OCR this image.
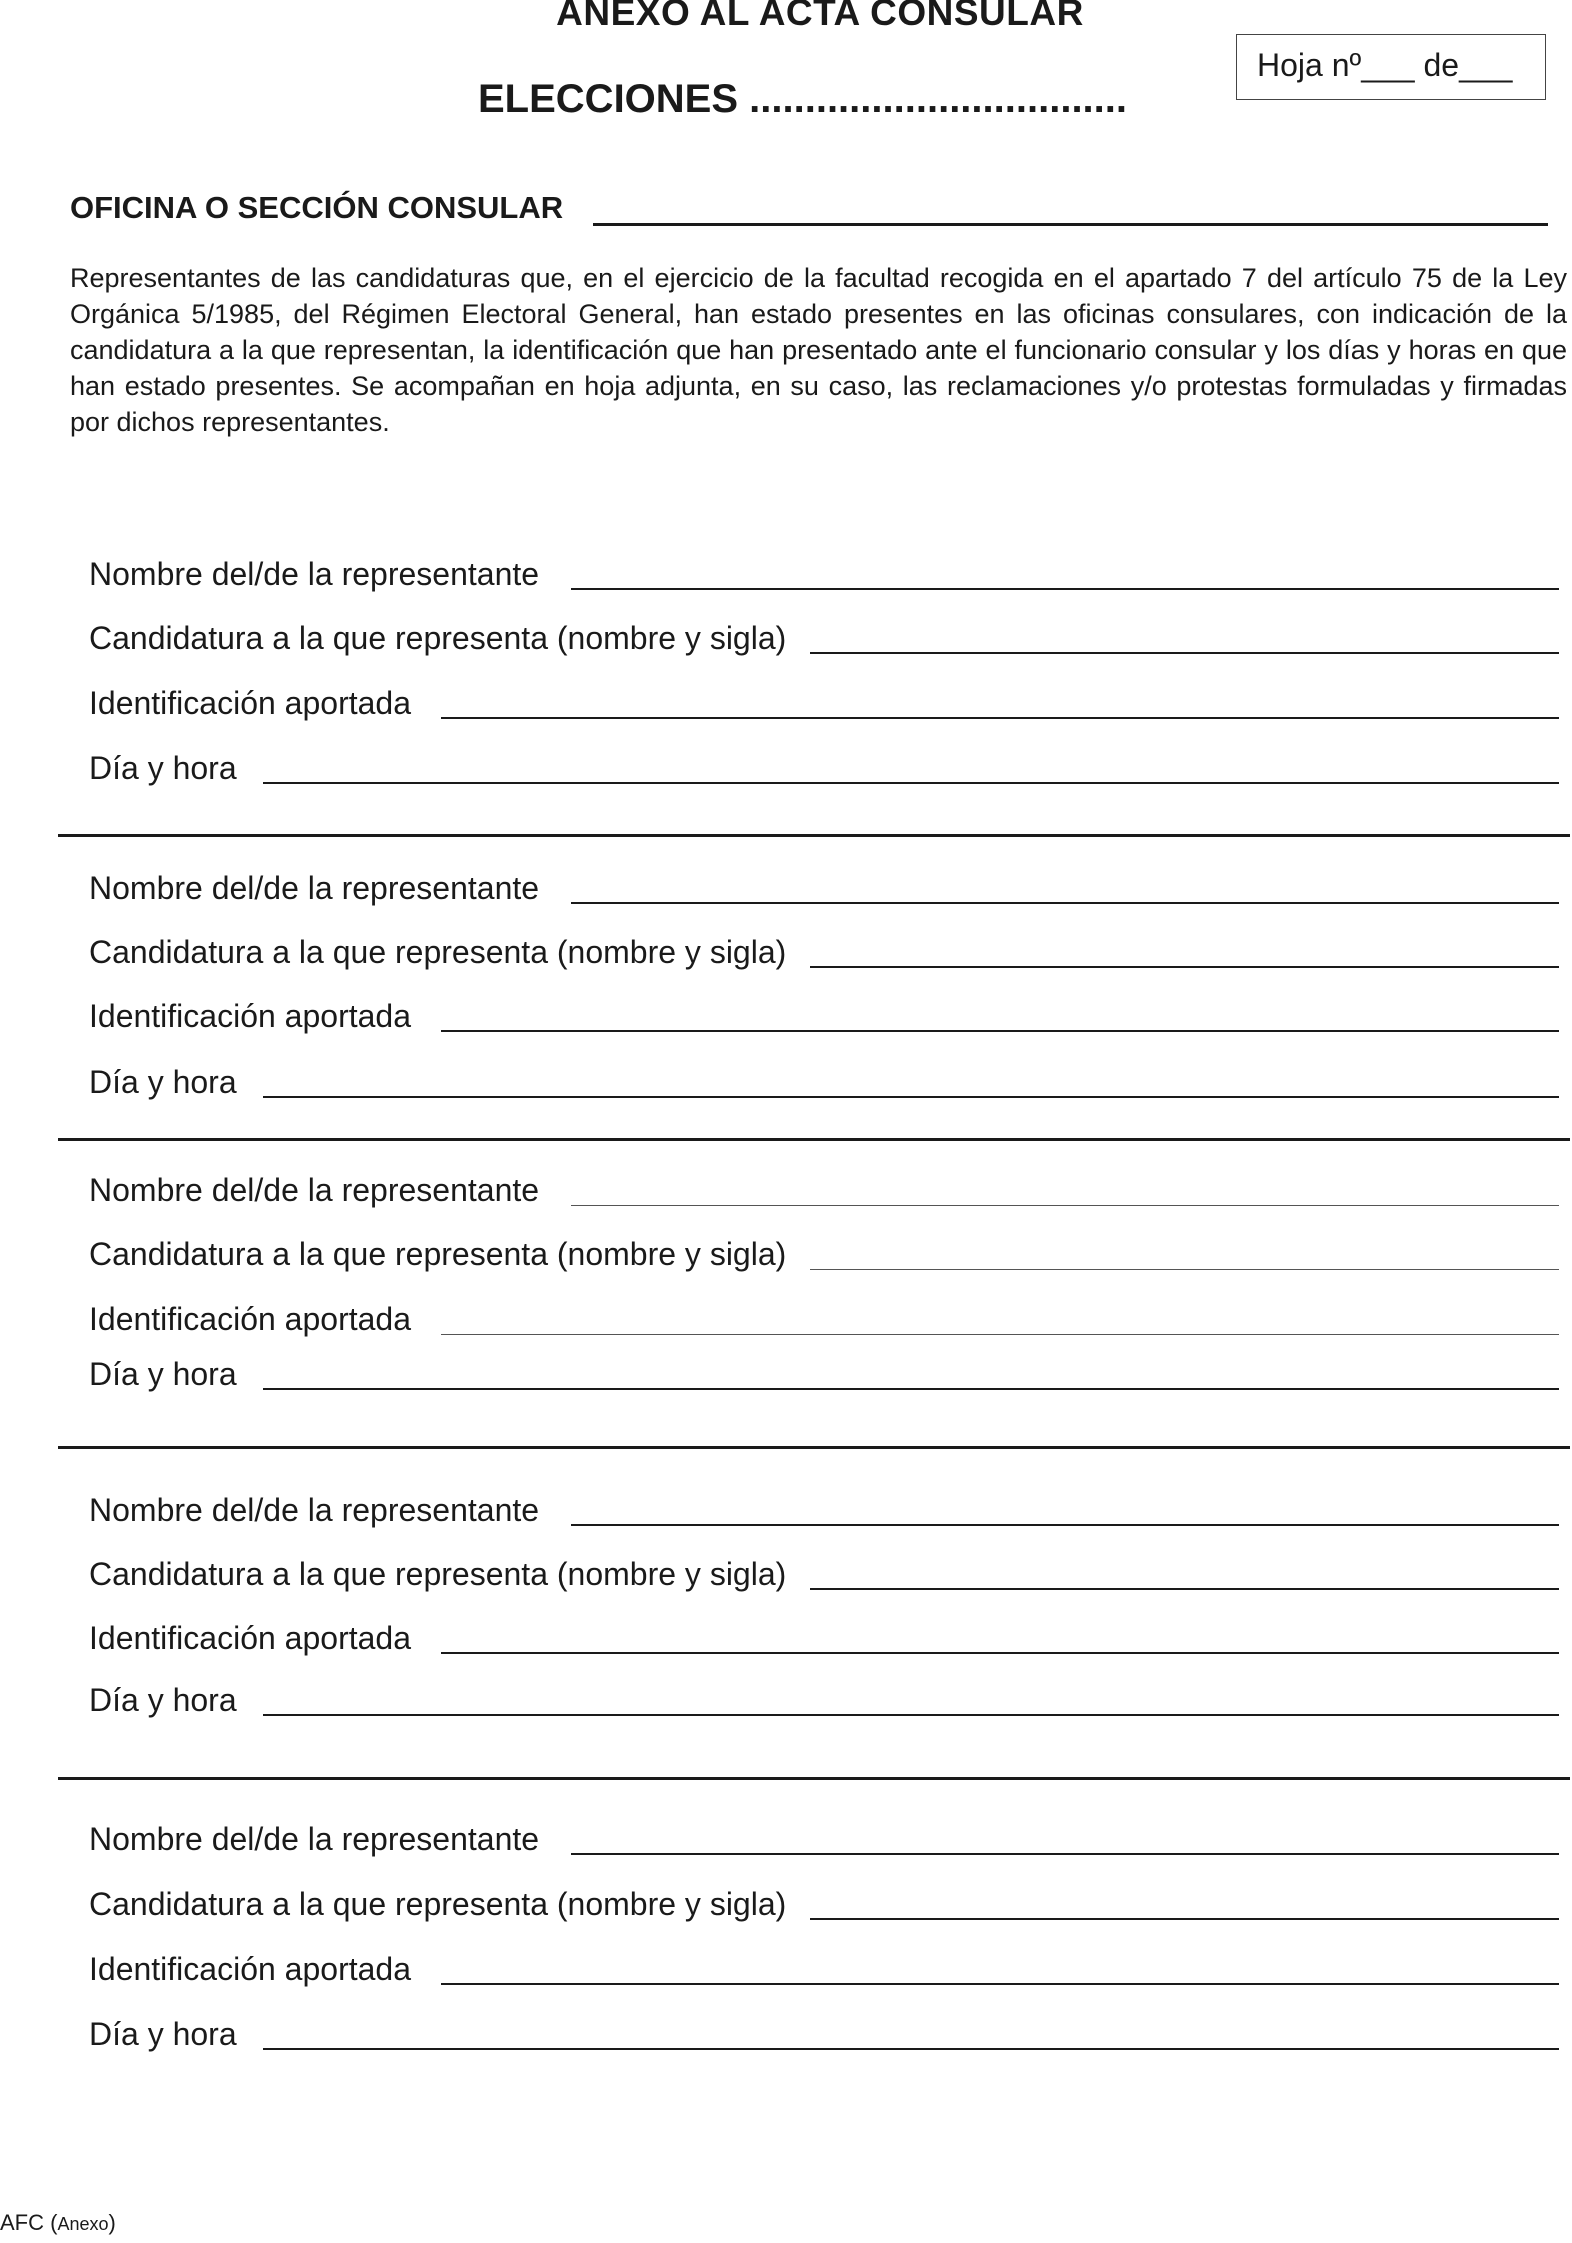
ANEXO AL ACTA CONSULAR
ELECCIONES ..................................
Hoja nº___ de___
OFICINA O SECCIÓN CONSULAR

Representantes de las candidaturas que, en el ejercicio de la facultad recogida en el apartado 7 del artículo 75 de la Ley Orgánica 5/1985, del Régimen Electoral General, han estado presentes en las oficinas consulares, con indicación de la candidatura a la que representan, la identificación que han presentado ante el funcionario consular y los días y horas en que han estado presentes. Se acompañan en hoja adjunta, en su caso, las reclamaciones y/o protestas formuladas y firmadas por dichos representantes.

Nombre del/de la representante
Candidatura a la que representa (nombre y sigla)
Identificación aportada
Día y hora
Nombre del/de la representante
Candidatura a la que representa (nombre y sigla)
Identificación aportada
Día y hora
Nombre del/de la representante
Candidatura a la que representa (nombre y sigla)
Identificación aportada
Día y hora
Nombre del/de la representante
Candidatura a la que representa (nombre y sigla)
Identificación aportada
Día y hora
Nombre del/de la representante
Candidatura a la que representa (nombre y sigla)
Identificación aportada
Día y hora
AFC (Anexo)
